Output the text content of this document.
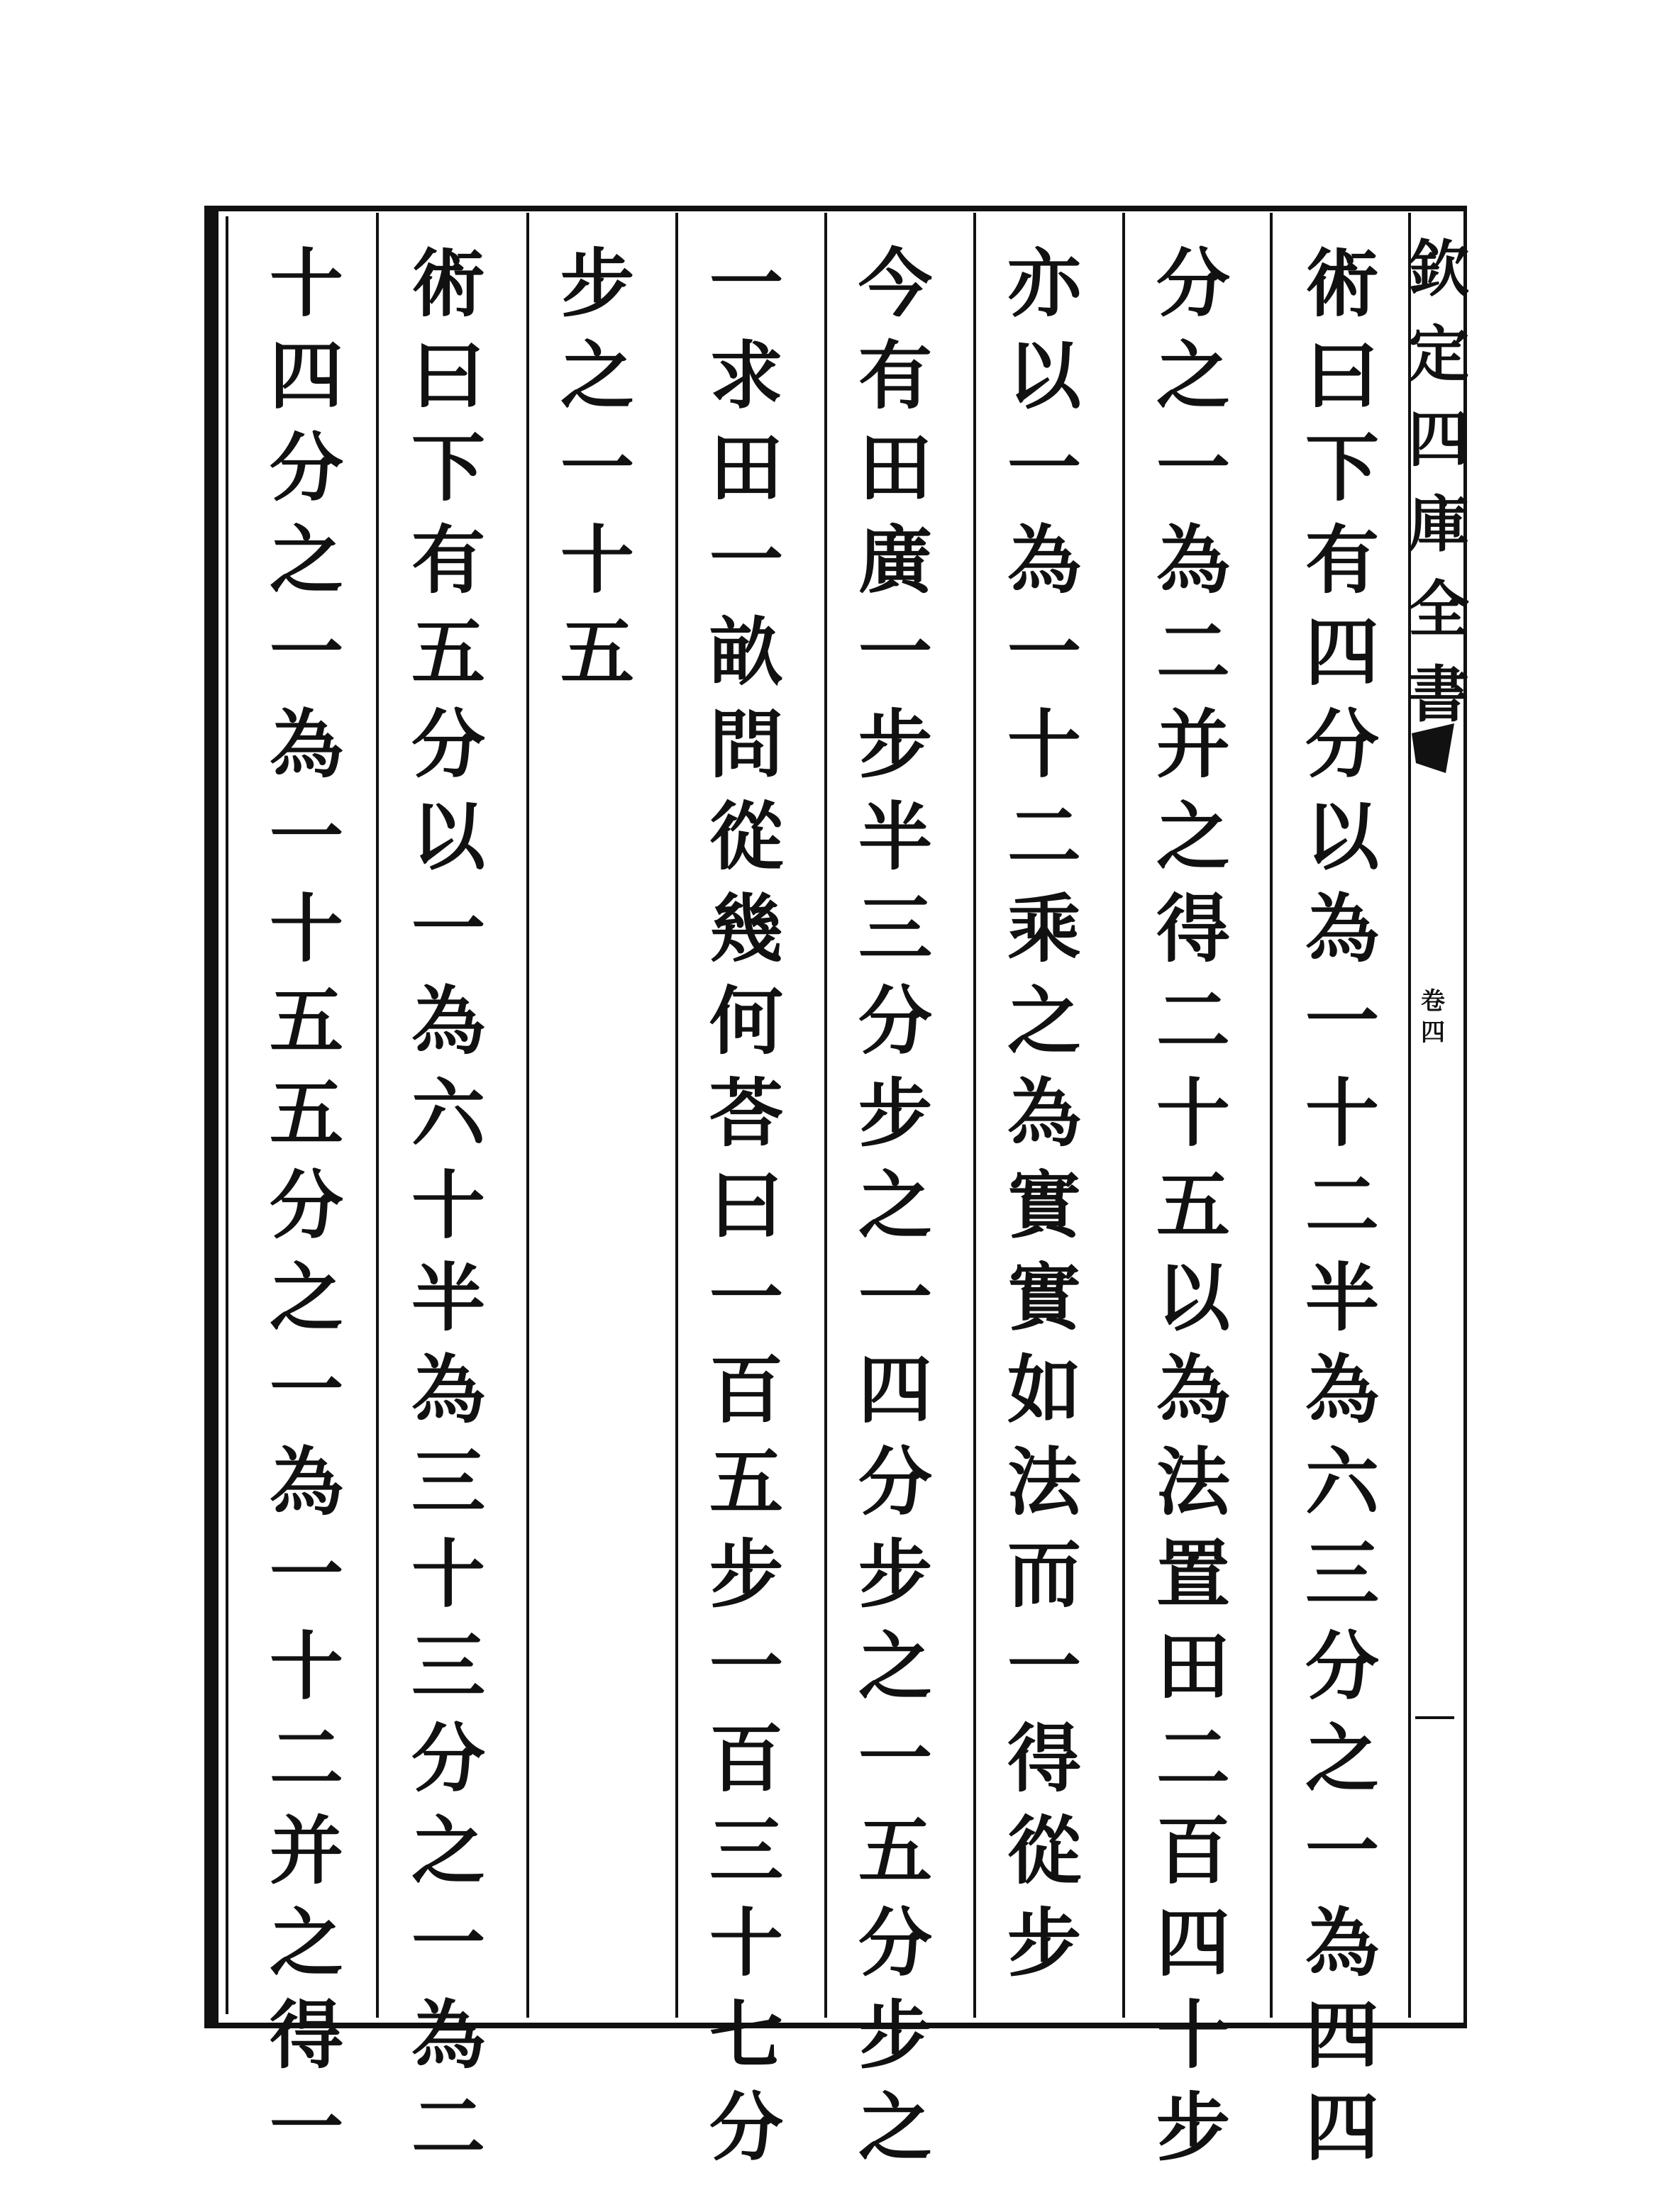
術
曰
下
有
四
分
以
為
一
十
二
半
為
六
三
分
之
一
為
四
四
分
之
一
為
二
并
之
得
二
十
五
以
為
法
置
田
二
百
四
十
步
亦
以
一
為
一
十
二
乘
之
為
實
實
如
法
而
一
得
從
步
今
有
田
廣
一
步
半
三
分
步
之
一
四
分
步
之
一
五
分
步
之
一
求
田
一
畝
問
從
幾
何
荅
曰
一
百
五
步
一
百
三
十
七
分
步
之
一
十
五
術
曰
下
有
五
分
以
一
為
六
十
半
為
三
十
三
分
之
一
為
二
十
四
分
之
一
為
一
十
五
五
分
之
一
為
一
十
二
并
之
得
一
欽
定
四
庫
全
書
卷
四
